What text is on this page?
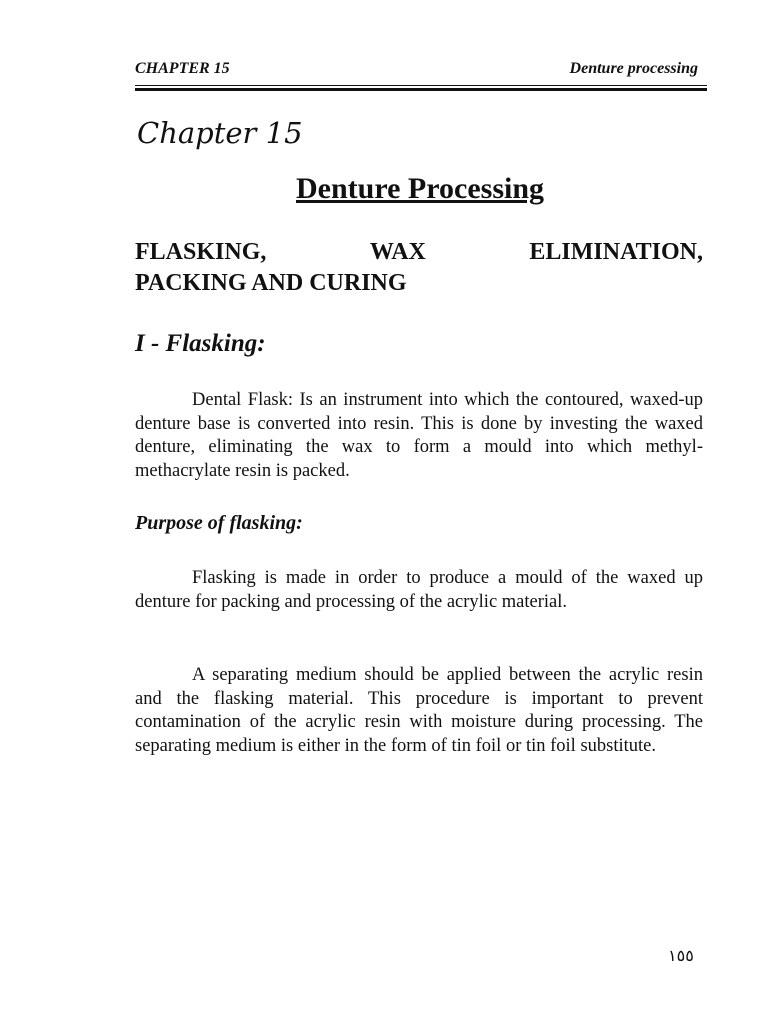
CHAPTER 15	Denture processing
Chapter 15
Denture Processing
FLASKING,	WAX	ELIMINATION,
PACKING AND CURING
I - Flasking:

Dental Flask: Is an instrument into which the contoured, waxed-up denture base is converted into resin. This is done by investing the waxed denture, eliminating the wax to form a mould into which methyl-methacrylate resin is packed.

Purpose of flasking:

Flasking is made in order to produce a mould of the waxed up denture for packing and processing of the acrylic material.

A separating medium should be applied between the acrylic resin and the flasking material. This procedure is important to prevent contamination of the acrylic resin with moisture during processing. The separating medium is either in the form of tin foil or tin foil substitute.

١٥٥
